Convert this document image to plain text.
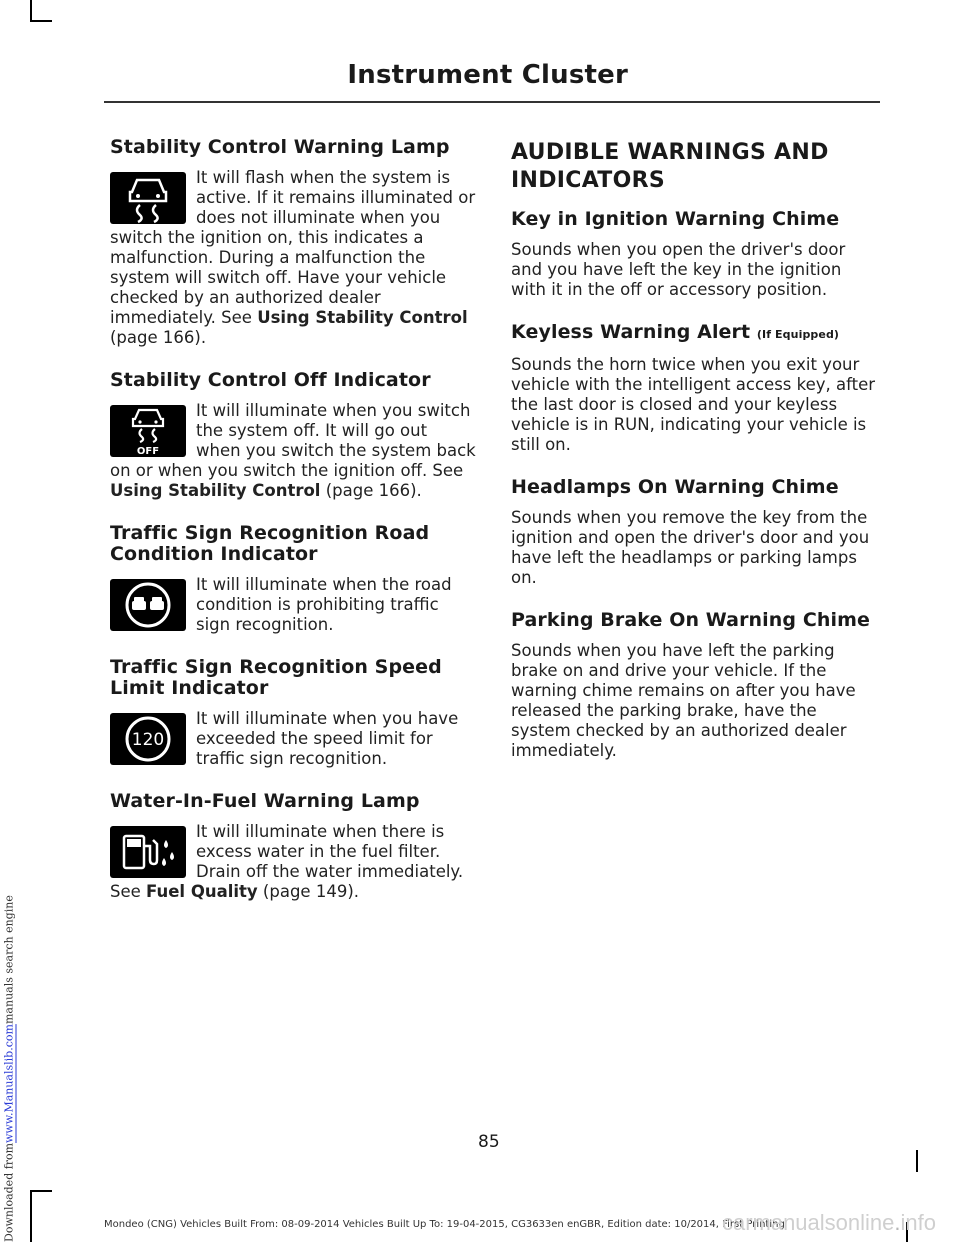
Downloaded from
www.Manualslib.com
manuals search engine
Instrument Cluster
Stability Control Warning Lamp

It will flash when the system is active. If it remains illuminated or does not illuminate when you switch the ignition on, this indicates a malfunction. During a malfunction the system will switch off. Have your vehicle checked by an authorized dealer immediately. See Using Stability Control (page 166).

Stability Control Off Indicator
OFF

It will illuminate when you switch the system off. It will go out when you switch the system back on or when you switch the ignition off. See Using Stability Control (page 166).

Traffic Sign Recognition Road Condition Indicator

It will illuminate when the road condition is prohibiting traffic sign recognition.

Traffic Sign Recognition Speed Limit Indicator
120

It will illuminate when you have exceeded the speed limit for traffic sign recognition.

Water-In-Fuel Warning Lamp

It will illuminate when there is excess water in the fuel filter. Drain off the water immediately. See Fuel Quality (page 149).

AUDIBLE WARNINGS AND INDICATORS
Key in Ignition Warning Chime

Sounds when you open the driver's door and you have left the key in the ignition with it in the off or accessory position.

Keyless Warning Alert (If Equipped)

Sounds the horn twice when you exit your vehicle with the intelligent access key, after the last door is closed and your keyless vehicle is in RUN, indicating your vehicle is still on.

Headlamps On Warning Chime

Sounds when you remove the key from the ignition and open the driver's door and you have left the headlamps or parking lamps on.

Parking Brake On Warning Chime

Sounds when you have left the parking brake on and drive your vehicle. If the warning chime remains on after you have released the parking brake, have the system checked by an authorized dealer immediately.

85
Mondeo (CNG) Vehicles Built From: 08-09-2014 Vehicles Built Up To: 19-04-2015, CG3633en enGBR, Edition date: 10/2014, First Printing
carmanualsonline.info
